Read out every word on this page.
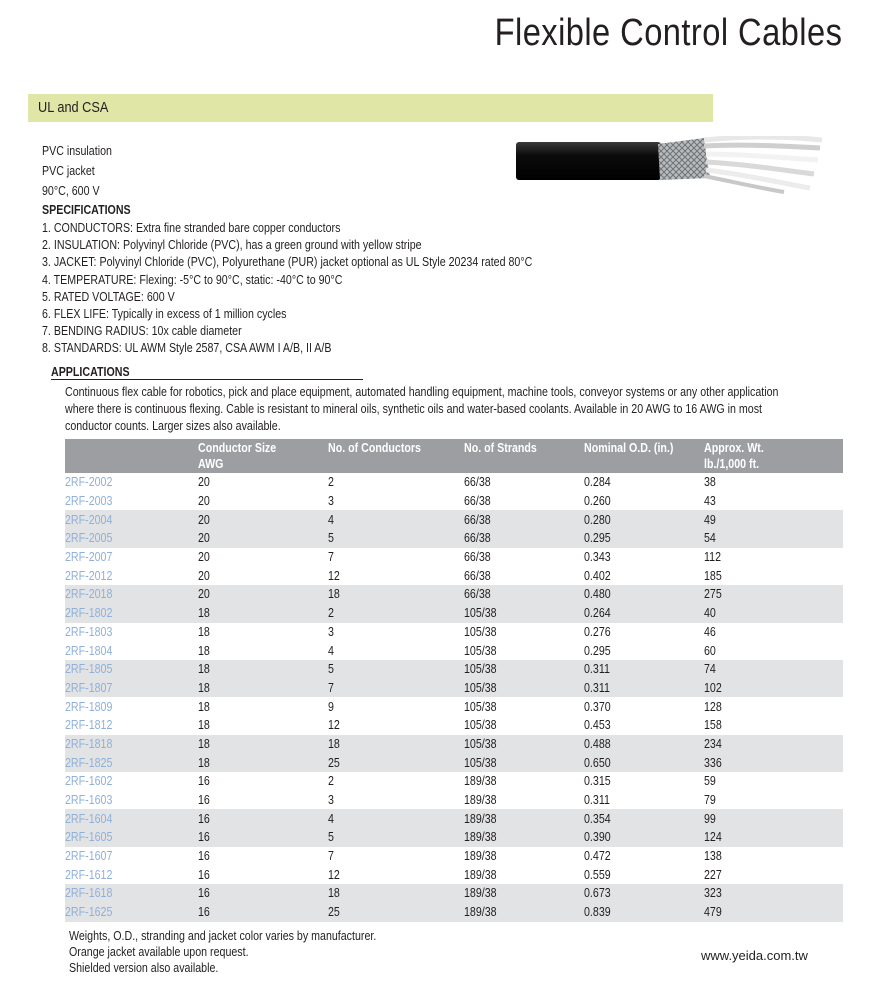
Flexible Control Cables
UL and CSA
PVC insulation
PVC jacket
90°C, 600 V
SPECIFICATIONS
1. CONDUCTORS: Extra fine stranded bare copper conductors
2. INSULATION: Polyvinyl Chloride (PVC), has a green ground with yellow stripe
3. JACKET: Polyvinyl Chloride (PVC), Polyurethane (PUR) jacket optional as UL Style 20234 rated 80°C
4. TEMPERATURE: Flexing: -5°C to 90°C, static: -40°C to 90°C
5. RATED VOLTAGE: 600 V
6. FLEX LIFE: Typically in excess of 1 million cycles
7. BENDING RADIUS: 10x cable diameter
8. STANDARDS: UL AWM Style 2587, CSA AWM I A/B, II A/B
APPLICATIONS
Continuous flex cable for robotics, pick and place equipment, automated handling equipment, machine tools, conveyor systems or any other application where there is continuous flexing. Cable is resistant to mineral oils, synthetic oils and water-based coolants. Available in 20 AWG to 16 AWG in most conductor counts. Larger sizes also available.
	Conductor Size AWG	No. of Conductors	No. of Strands	Nominal O.D. (in.)	Approx. Wt. lb./1,000 ft.
2RF-2002	20	2	66/38	0.284	38
2RF-2003	20	3	66/38	0.260	43
2RF-2004	20	4	66/38	0.280	49
2RF-2005	20	5	66/38	0.295	54
2RF-2007	20	7	66/38	0.343	112
2RF-2012	20	12	66/38	0.402	185
2RF-2018	20	18	66/38	0.480	275
2RF-1802	18	2	105/38	0.264	40
2RF-1803	18	3	105/38	0.276	46
2RF-1804	18	4	105/38	0.295	60
2RF-1805	18	5	105/38	0.311	74
2RF-1807	18	7	105/38	0.311	102
2RF-1809	18	9	105/38	0.370	128
2RF-1812	18	12	105/38	0.453	158
2RF-1818	18	18	105/38	0.488	234
2RF-1825	18	25	105/38	0.650	336
2RF-1602	16	2	189/38	0.315	59
2RF-1603	16	3	189/38	0.311	79
2RF-1604	16	4	189/38	0.354	99
2RF-1605	16	5	189/38	0.390	124
2RF-1607	16	7	189/38	0.472	138
2RF-1612	16	12	189/38	0.559	227
2RF-1618	16	18	189/38	0.673	323
2RF-1625	16	25	189/38	0.839	479
Weights, O.D., stranding and jacket color varies by manufacturer.
Orange jacket available upon request.
Shielded version also available.
www.yeida.com.tw
